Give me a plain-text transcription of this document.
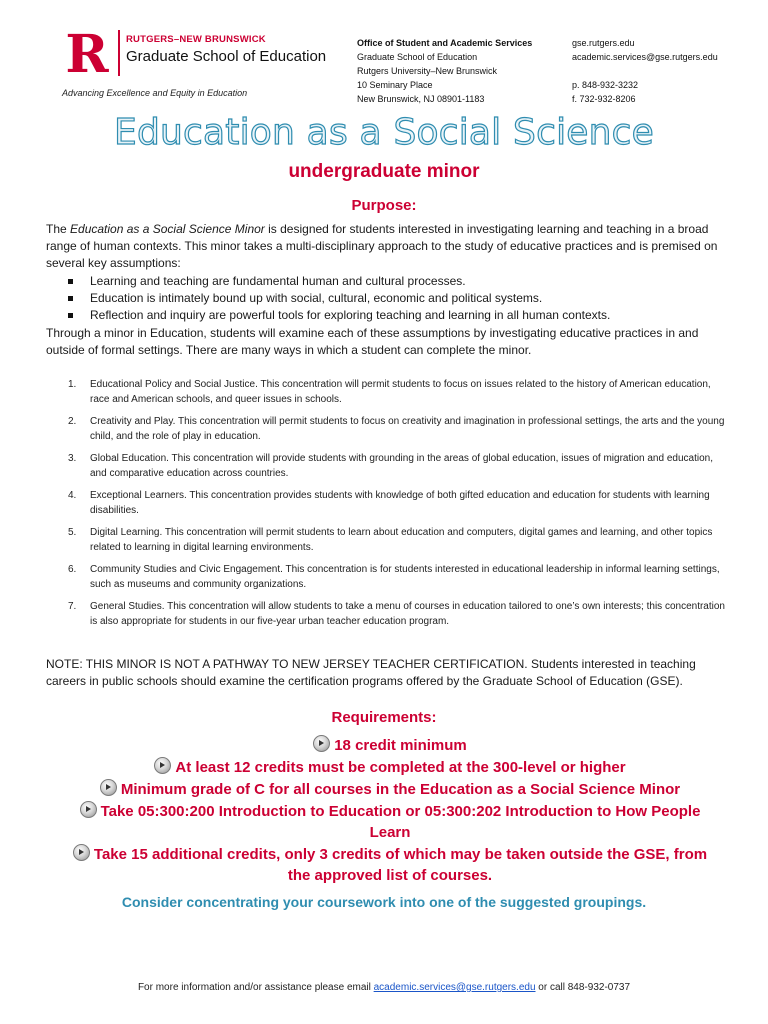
R RUTGERS–NEW BRUNSWICK
Graduate School of Education
Advancing Excellence and Equity in Education
Office of Student and Academic Services
Graduate School of Education
Rutgers University–New Brunswick
10 Seminary Place
New Brunswick, NJ 08901-1183
gse.rutgers.edu
academic.services@gse.rutgers.edu
p. 848-932-3232
f. 732-932-8206
Education as a Social Science
undergraduate minor
Purpose:
The Education as a Social Science Minor is designed for students interested in investigating learning and teaching in a broad range of human contexts. This minor takes a multi-disciplinary approach to the study of educative practices and is premised on several key assumptions:
Learning and teaching are fundamental human and cultural processes.
Education is intimately bound up with social, cultural, economic and political systems.
Reflection and inquiry are powerful tools for exploring teaching and learning in all human contexts.
Through a minor in Education, students will examine each of these assumptions by investigating educative practices in and outside of formal settings. There are many ways in which a student can complete the minor.
1. Educational Policy and Social Justice. This concentration will permit students to focus on issues related to the history of American education, race and American schools, and queer issues in schools.
2. Creativity and Play. This concentration will permit students to focus on creativity and imagination in professional settings, the arts and the young child, and the role of play in education.
3. Global Education. This concentration will provide students with grounding in the areas of global education, issues of migration and education, and comparative education across countries.
4. Exceptional Learners. This concentration provides students with knowledge of both gifted education and education for students with learning disabilities.
5. Digital Learning. This concentration will permit students to learn about education and computers, digital games and learning, and other topics related to learning in digital learning environments.
6. Community Studies and Civic Engagement. This concentration is for students interested in educational leadership in informal learning settings, such as museums and community organizations.
7. General Studies. This concentration will allow students to take a menu of courses in education tailored to one’s own interests; this concentration is also appropriate for students in our five-year urban teacher education program.
NOTE: THIS MINOR IS NOT A PATHWAY TO NEW JERSEY TEACHER CERTIFICATION. Students interested in teaching careers in public schools should examine the certification programs offered by the Graduate School of Education (GSE).
Requirements:
18 credit minimum
At least 12 credits must be completed at the 300-level or higher
Minimum grade of C for all courses in the Education as a Social Science Minor
Take 05:300:200 Introduction to Education or 05:300:202 Introduction to How People Learn
Take 15 additional credits, only 3 credits of which may be taken outside the GSE, from the approved list of courses.
Consider concentrating your coursework into one of the suggested groupings.
For more information and/or assistance please email academic.services@gse.rutgers.edu or call 848-932-0737
